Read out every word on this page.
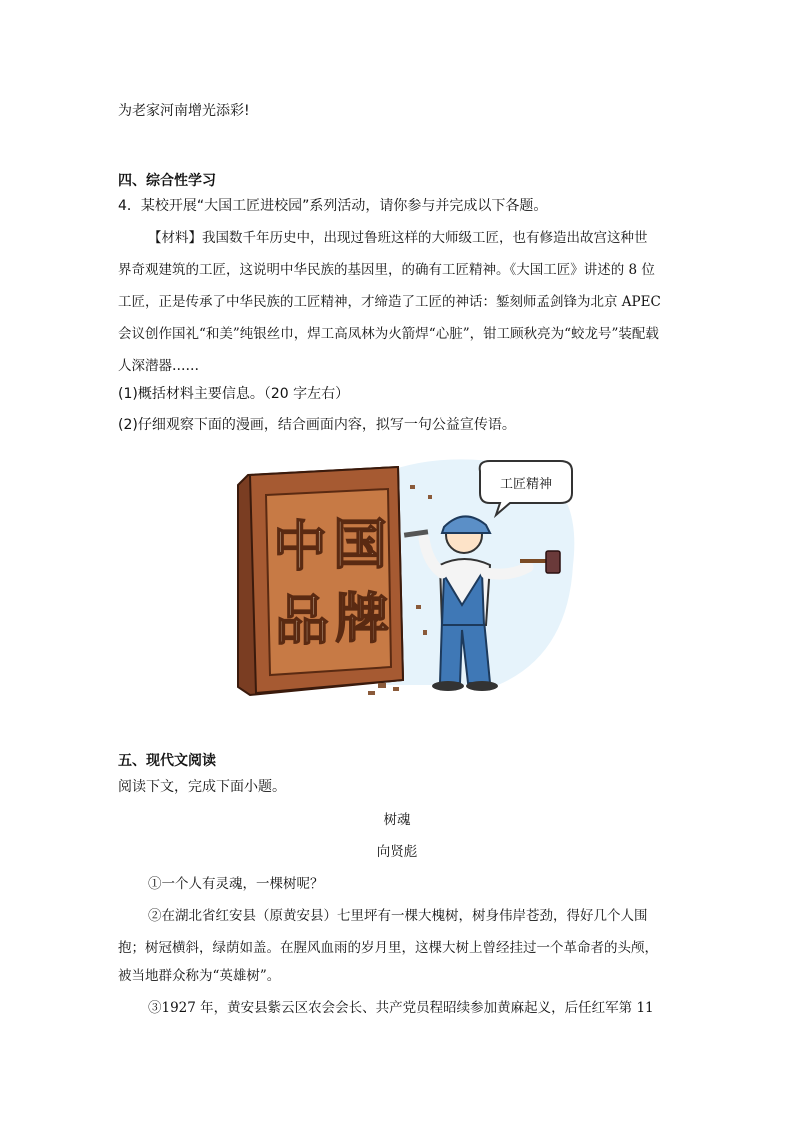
为老家河南增光添彩!
四、综合性学习
4．某校开展“大国工匠进校园”系列活动，请你参与并完成以下各题。
【材料】我国数千年历史中，出现过鲁班这样的大师级工匠，也有修造出故宫这种世
界奇观建筑的工匠，这说明中华民族的基因里，的确有工匠精神。《大国工匠》讲述的 8 位
工匠，正是传承了中华民族的工匠精神，才缔造了工匠的神话：錾刻师孟剑锋为北京 APEC
会议创作国礼“和美”纯银丝巾，焊工高凤林为火箭焊“心脏”，钳工顾秋亮为“蛟龙号”装配载
人深潜器……
(1)概括材料主要信息。（20 字左右）
(2)仔细观察下面的漫画，结合画面内容，拟写一句公益宣传语。
中 国
品 牌
工匠精神
五、现代文阅读
阅读下文，完成下面小题。
树魂
向贤彪
①一个人有灵魂，一棵树呢？
②在湖北省红安县（原黄安县）七里坪有一棵大槐树，树身伟岸苍劲，得好几个人围
抱；树冠横斜，绿荫如盖。在腥风血雨的岁月里，这棵大树上曾经挂过一个革命者的头颅，
被当地群众称为“英雄树”。
③1927 年，黄安县紫云区农会会长、共产党员程昭续参加黄麻起义，后任红军第 11
